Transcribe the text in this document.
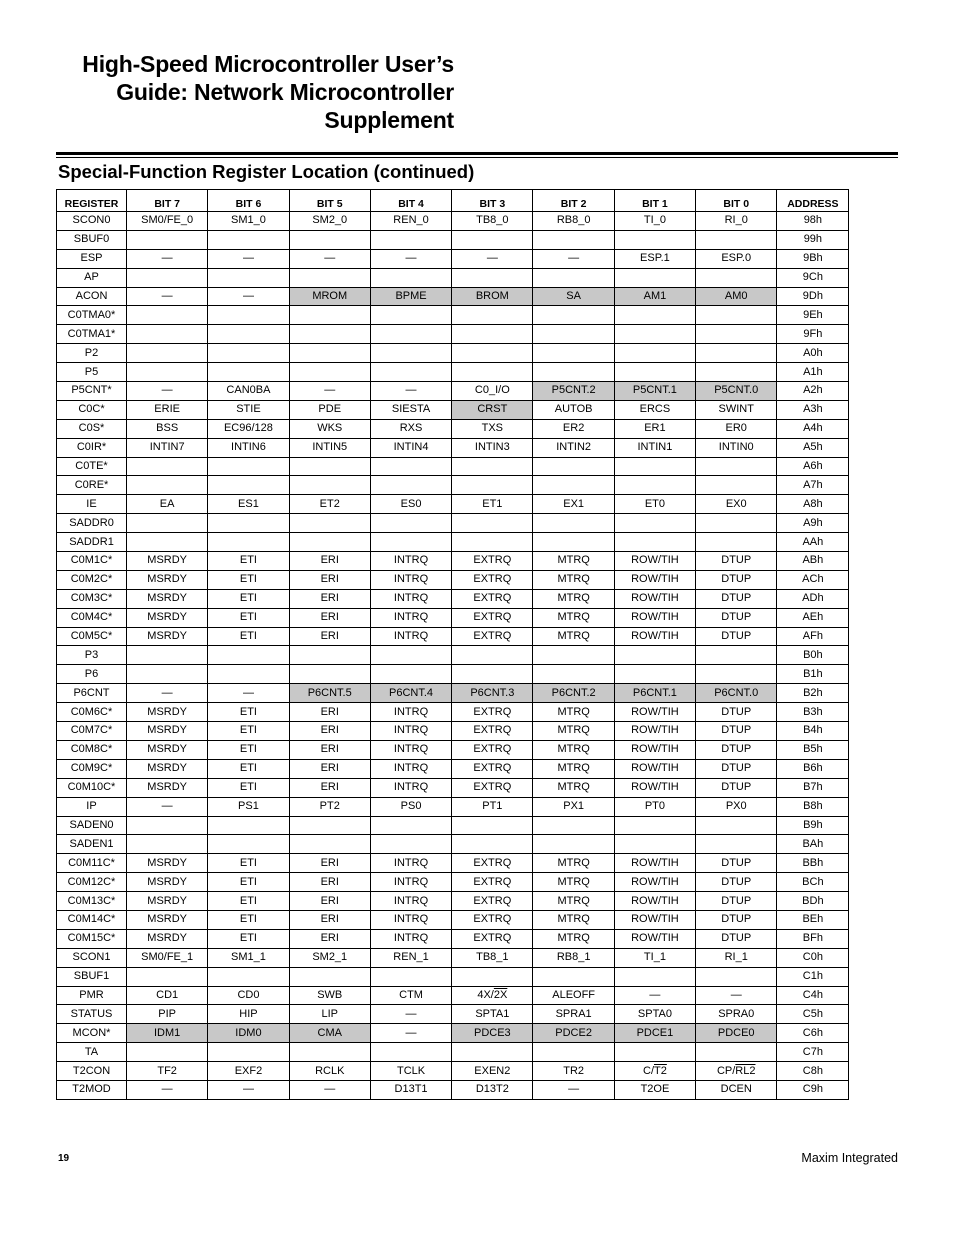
High-Speed Microcontroller User’s
Guide: Network Microcontroller
Supplement
Special-Function Register Location (continued)
REGISTER	BIT 7	BIT 6	BIT 5	BIT 4	BIT 3	BIT 2	BIT 1	BIT 0	ADDRESS
SCON0	SM0/FE_0	SM1_0	SM2_0	REN_0	TB8_0	RB8_0	TI_0	RI_0	98h
SBUF0									99h
ESP	—	—	—	—	—	—	ESP.1	ESP.0	9Bh
AP									9Ch
ACON	—	—	MROM	BPME	BROM	SA	AM1	AM0	9Dh
C0TMA0*									9Eh
C0TMA1*									9Fh
P2									A0h
P5									A1h
P5CNT*	—	CAN0BA	—	—	C0_I/O	P5CNT.2	P5CNT.1	P5CNT.0	A2h
C0C*	ERIE	STIE	PDE	SIESTA	CRST	AUTOB	ERCS	SWINT	A3h
C0S*	BSS	EC96/128	WKS	RXS	TXS	ER2	ER1	ER0	A4h
C0IR*	INTIN7	INTIN6	INTIN5	INTIN4	INTIN3	INTIN2	INTIN1	INTIN0	A5h
C0TE*									A6h
C0RE*									A7h
IE	EA	ES1	ET2	ES0	ET1	EX1	ET0	EX0	A8h
SADDR0									A9h
SADDR1									AAh
C0M1C*	MSRDY	ETI	ERI	INTRQ	EXTRQ	MTRQ	ROW/TIH	DTUP	ABh
C0M2C*	MSRDY	ETI	ERI	INTRQ	EXTRQ	MTRQ	ROW/TIH	DTUP	ACh
C0M3C*	MSRDY	ETI	ERI	INTRQ	EXTRQ	MTRQ	ROW/TIH	DTUP	ADh
C0M4C*	MSRDY	ETI	ERI	INTRQ	EXTRQ	MTRQ	ROW/TIH	DTUP	AEh
C0M5C*	MSRDY	ETI	ERI	INTRQ	EXTRQ	MTRQ	ROW/TIH	DTUP	AFh
P3									B0h
P6									B1h
P6CNT	—	—	P6CNT.5	P6CNT.4	P6CNT.3	P6CNT.2	P6CNT.1	P6CNT.0	B2h
C0M6C*	MSRDY	ETI	ERI	INTRQ	EXTRQ	MTRQ	ROW/TIH	DTUP	B3h
C0M7C*	MSRDY	ETI	ERI	INTRQ	EXTRQ	MTRQ	ROW/TIH	DTUP	B4h
C0M8C*	MSRDY	ETI	ERI	INTRQ	EXTRQ	MTRQ	ROW/TIH	DTUP	B5h
C0M9C*	MSRDY	ETI	ERI	INTRQ	EXTRQ	MTRQ	ROW/TIH	DTUP	B6h
C0M10C*	MSRDY	ETI	ERI	INTRQ	EXTRQ	MTRQ	ROW/TIH	DTUP	B7h
IP	—	PS1	PT2	PS0	PT1	PX1	PT0	PX0	B8h
SADEN0									B9h
SADEN1									BAh
C0M11C*	MSRDY	ETI	ERI	INTRQ	EXTRQ	MTRQ	ROW/TIH	DTUP	BBh
C0M12C*	MSRDY	ETI	ERI	INTRQ	EXTRQ	MTRQ	ROW/TIH	DTUP	BCh
C0M13C*	MSRDY	ETI	ERI	INTRQ	EXTRQ	MTRQ	ROW/TIH	DTUP	BDh
C0M14C*	MSRDY	ETI	ERI	INTRQ	EXTRQ	MTRQ	ROW/TIH	DTUP	BEh
C0M15C*	MSRDY	ETI	ERI	INTRQ	EXTRQ	MTRQ	ROW/TIH	DTUP	BFh
SCON1	SM0/FE_1	SM1_1	SM2_1	REN_1	TB8_1	RB8_1	TI_1	RI_1	C0h
SBUF1									C1h
PMR	CD1	CD0	SWB	CTM	4X/2X	ALEOFF	—	—	C4h
STATUS	PIP	HIP	LIP	—	SPTA1	SPRA1	SPTA0	SPRA0	C5h
MCON*	IDM1	IDM0	CMA	—	PDCE3	PDCE2	PDCE1	PDCE0	C6h
TA									C7h
T2CON	TF2	EXF2	RCLK	TCLK	EXEN2	TR2	C/T2	CP/RL2	C8h
T2MOD	—	—	—	D13T1	D13T2	—	T2OE	DCEN	C9h
19	Maxim Integrated
